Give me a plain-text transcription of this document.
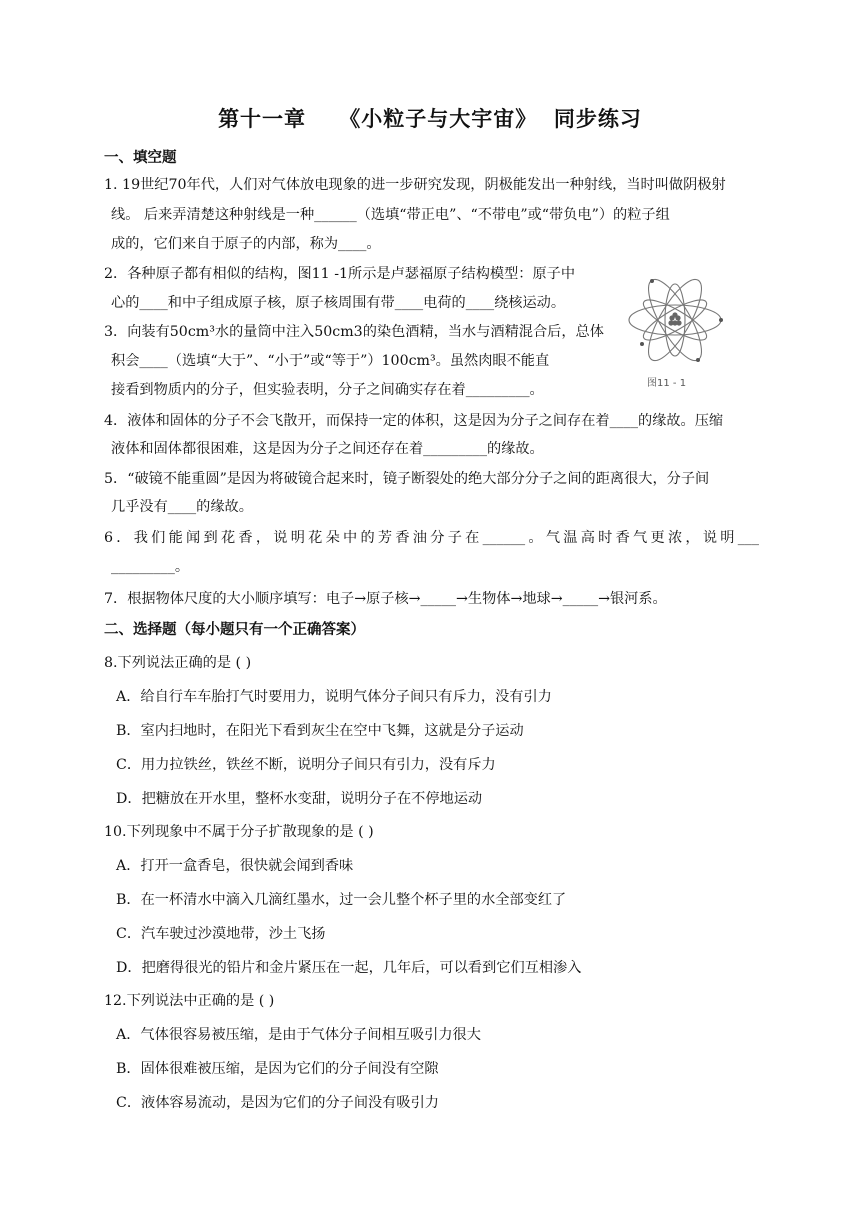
第十一章    《小粒子与大宇宙》  同步练习
一、填空题
1. 19世纪70年代，人们对气体放电现象的进一步研究发现，阴极能发出一种射线，当时叫做阴极射
线。 后来弄清楚这种射线是一种______（选填“带正电”、“不带电”或“带负电”）的粒子组
成的，它们来自于原子的内部，称为____。
2．各种原子都有相似的结构，图11 -1所示是卢瑟福原子结构模型：原子中
心的____和中子组成原子核，原子核周围有带____电荷的____绕核运动。
3．向装有50cm³水的量筒中注入50cm3的染色酒精，当水与酒精混合后，总体
积会____（选填“大于”、“小于”或“等于”）100cm³。虽然肉眼不能直
接看到物质内的分子，但实验表明，分子之间确实存在着_________。	图11 - 1
4．液体和固体的分子不会飞散开，而保持一定的体积，这是因为分子之间存在着____的缘故。压缩
液体和固体都很困难，这是因为分子之间还存在着_________的缘故。
5．“破镜不能重圆”是因为将破镜合起来时，镜子断裂处的绝大部分分子之间的距离很大，分子间
几乎没有____的缘故。
6．我们能闻到花香，说明花朵中的芳香油分子在______。气温高时香气更浓，说明___
_________。
7．根据物体尺度的大小顺序填写：电子→原子核→_____→生物体→地球→_____→银河系。
二、选择题（每小题只有一个正确答案）
8.下列说法正确的是 ( )
A．给自行车车胎打气时要用力，说明气体分子间只有斥力，没有引力
B．室内扫地时，在阳光下看到灰尘在空中飞舞，这就是分子运动
C．用力拉铁丝，铁丝不断，说明分子间只有引力，没有斥力
D．把糖放在开水里，整杯水变甜，说明分子在不停地运动
10.下列现象中不属于分子扩散现象的是 ( )
A．打开一盒香皂，很快就会闻到香味
B．在一杯清水中滴入几滴红墨水，过一会儿整个杯子里的水全部变红了
C．汽车驶过沙漠地带，沙土飞扬
D．把磨得很光的铅片和金片紧压在一起，几年后，可以看到它们互相渗入
12.下列说法中正确的是 ( )
A．气体很容易被压缩，是由于气体分子间相互吸引力很大
B．固体很难被压缩，是因为它们的分子间没有空隙
C．液体容易流动，是因为它们的分子间没有吸引力
